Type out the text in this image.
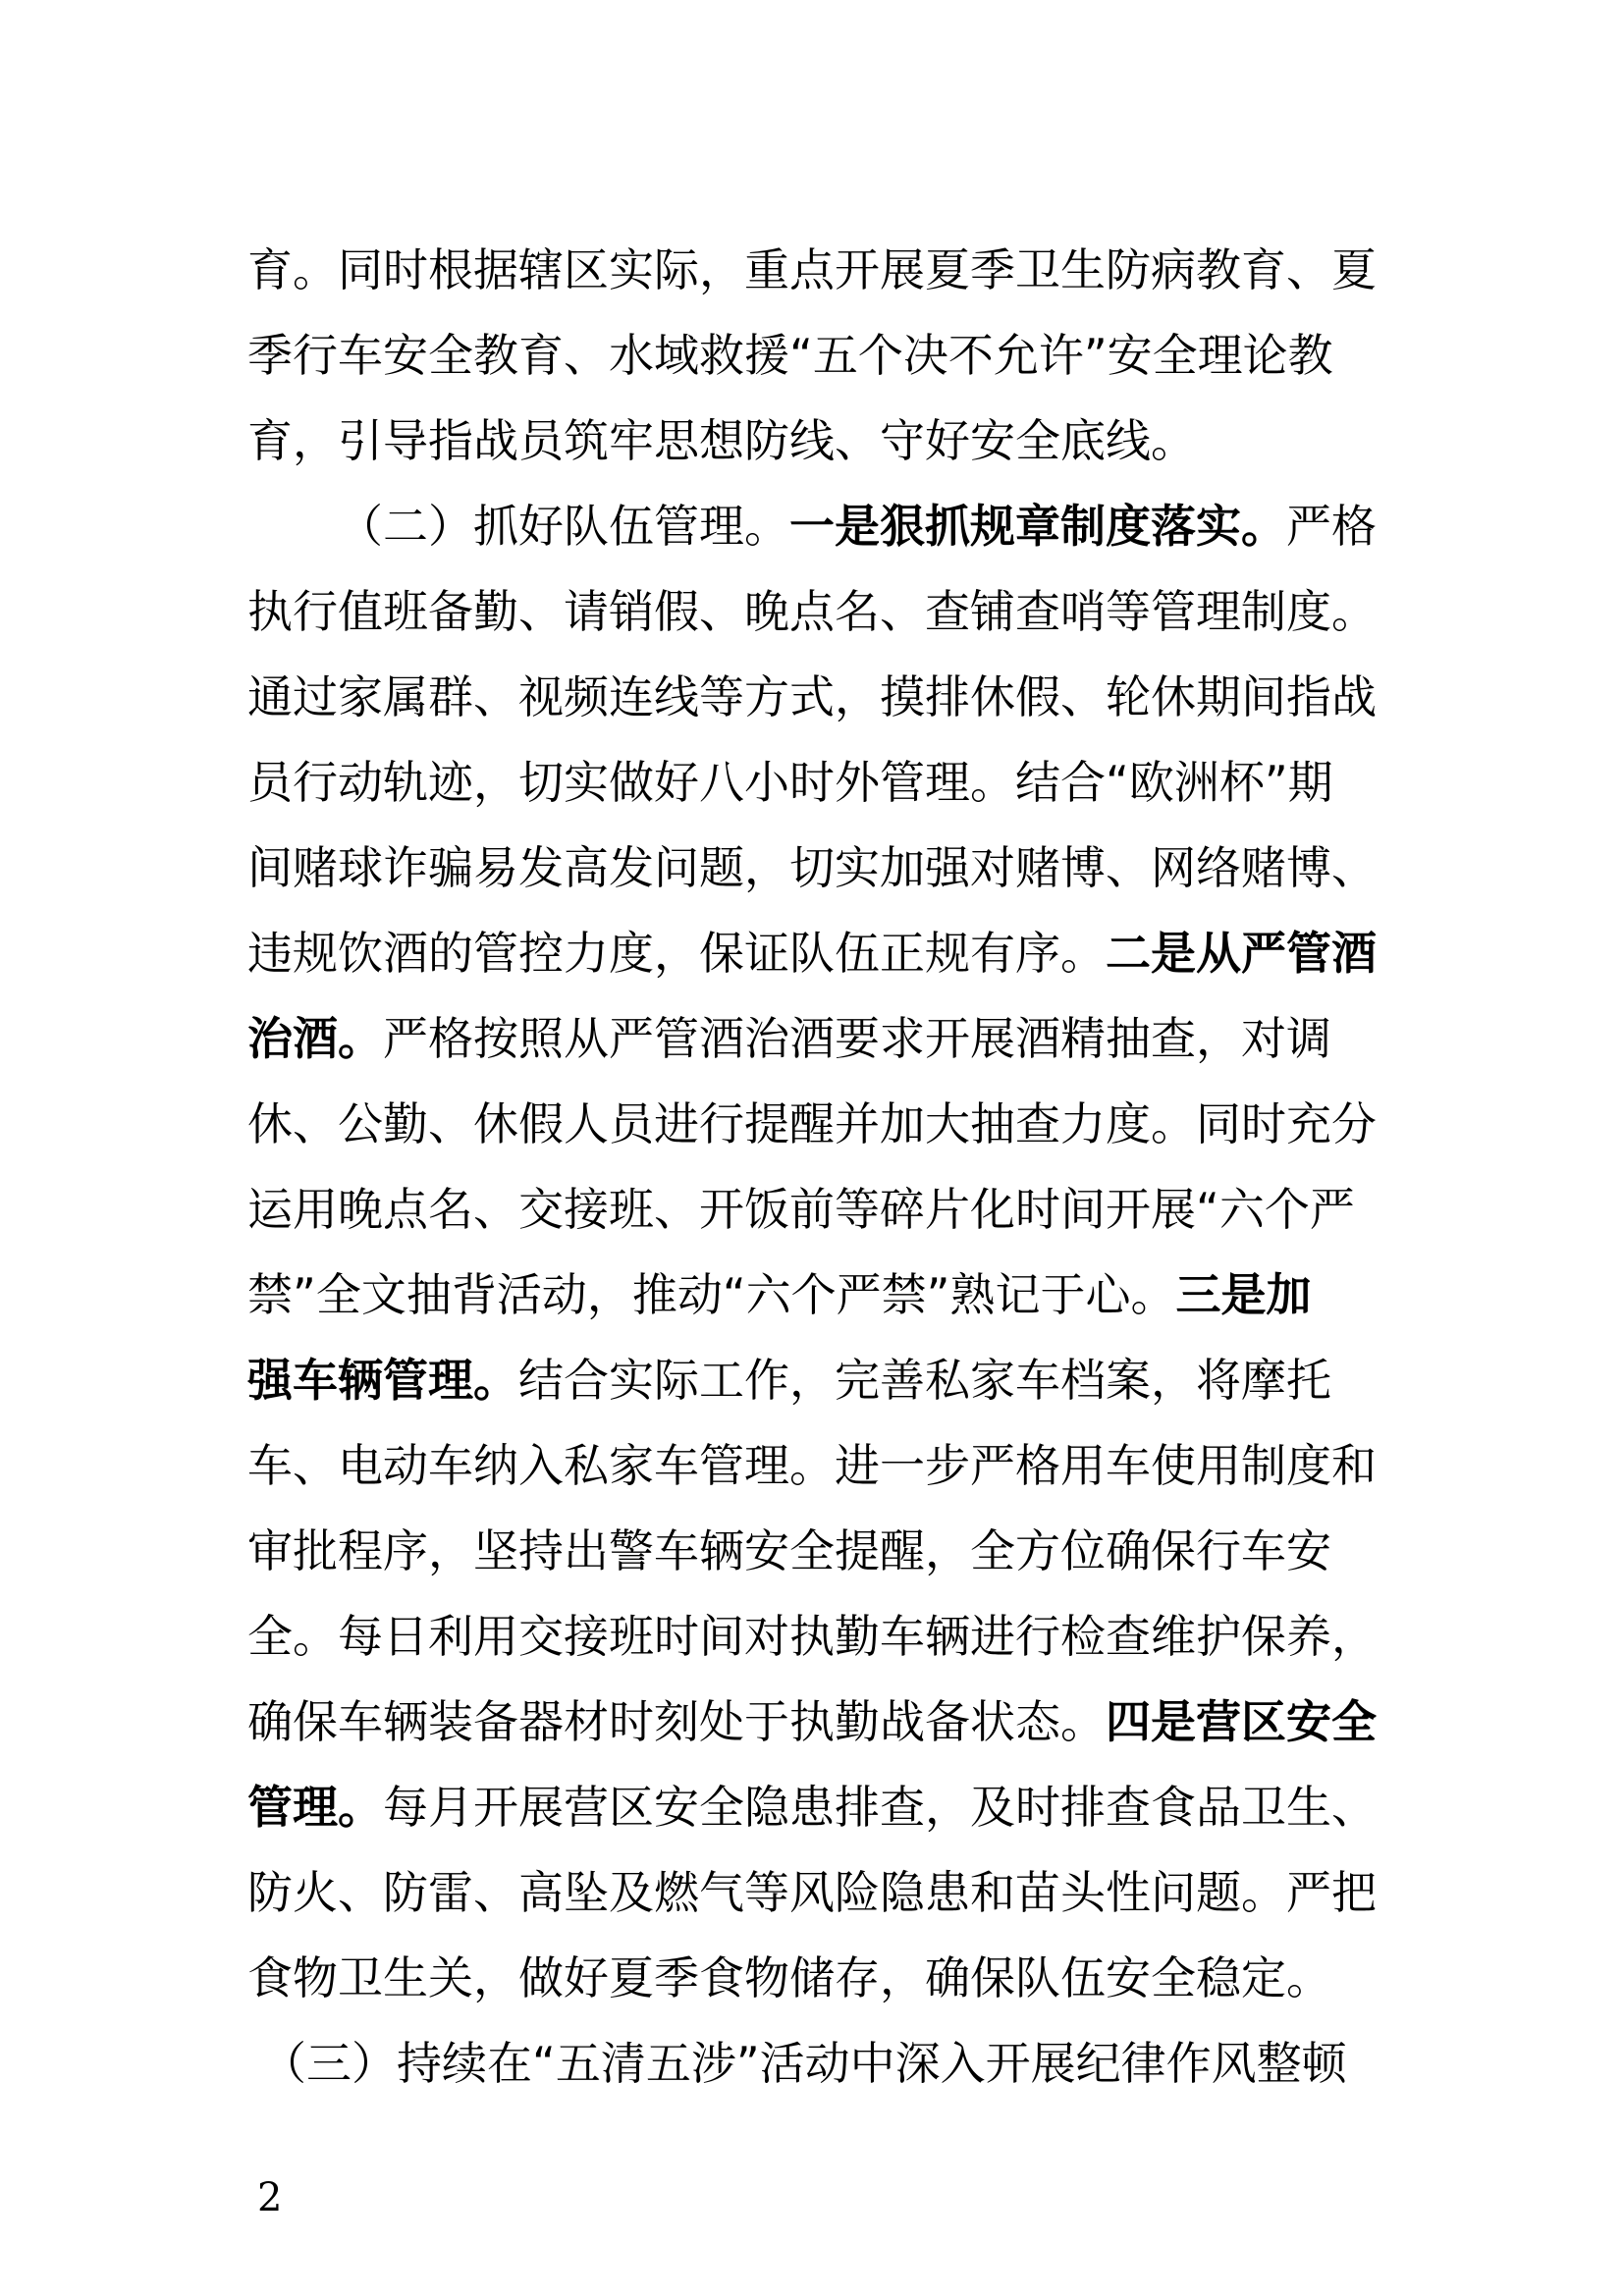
育。同时根据辖区实际，重点开展夏季卫生防病教育、夏
季行车安全教育、水域救援“五个决不允许”安全理论教
育，引导指战员筑牢思想防线、守好安全底线。
（二）抓好队伍管理。一是狠抓规章制度落实。严格
执行值班备勤、请销假、晚点名、查铺查哨等管理制度。
通过家属群、视频连线等方式，摸排休假、轮休期间指战
员行动轨迹，切实做好八小时外管理。结合“欧洲杯”期
间赌球诈骗易发高发问题，切实加强对赌博、网络赌博、
违规饮酒的管控力度，保证队伍正规有序。二是从严管酒
治酒。严格按照从严管酒治酒要求开展酒精抽查，对调
休、公勤、休假人员进行提醒并加大抽查力度。同时充分
运用晚点名、交接班、开饭前等碎片化时间开展“六个严
禁”全文抽背活动，推动“六个严禁”熟记于心。三是加
强车辆管理。结合实际工作，完善私家车档案，将摩托
车、电动车纳入私家车管理。进一步严格用车使用制度和
审批程序，坚持出警车辆安全提醒，全方位确保行车安
全。每日利用交接班时间对执勤车辆进行检查维护保养，
确保车辆装备器材时刻处于执勤战备状态。四是营区安全
管理。每月开展营区安全隐患排查，及时排查食品卫生、
防火、防雷、高坠及燃气等风险隐患和苗头性问题。严把
食物卫生关，做好夏季食物储存，确保队伍安全稳定。
（三）持续在“五清五涉”活动中深入开展纪律作风整顿
2
